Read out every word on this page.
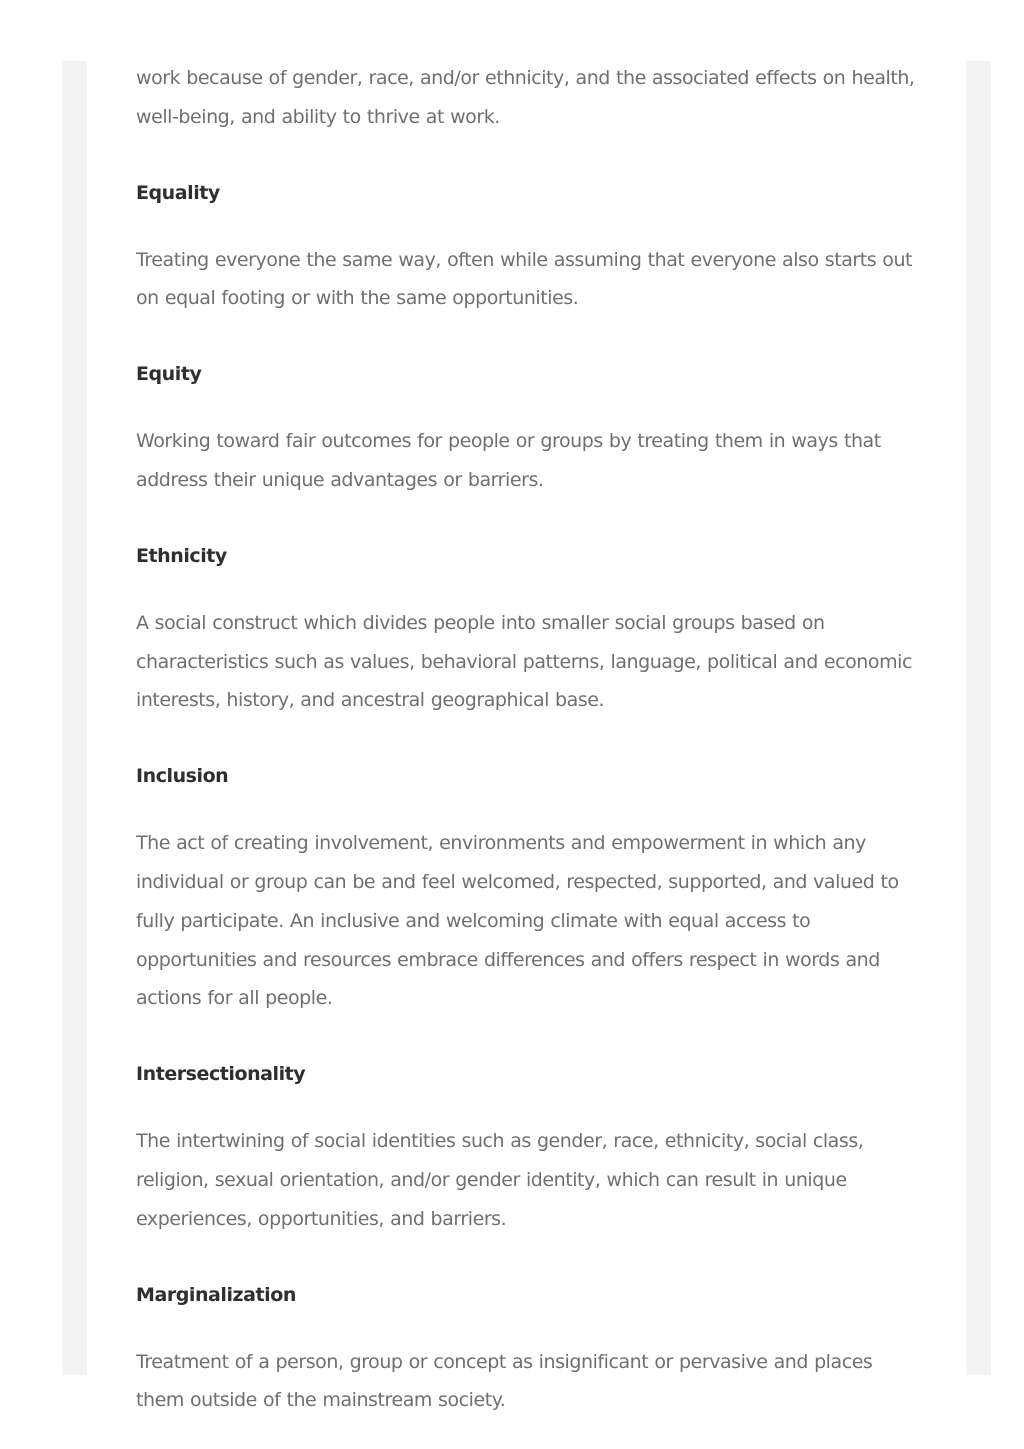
work because of gender, race, and/or ethnicity, and the associated effects on health, well-being, and ability to thrive at work.

Equality

Treating everyone the same way, often while assuming that everyone also starts out on equal footing or with the same opportunities.

Equity

Working toward fair outcomes for people or groups by treating them in ways that address their unique advantages or barriers.

Ethnicity

A social construct which divides people into smaller social groups based on characteristics such as values, behavioral patterns, language, political and economic interests, history, and ancestral geographical base.

Inclusion

The act of creating involvement, environments and empowerment in which any individual or group can be and feel welcomed, respected, supported, and valued to fully participate. An inclusive and welcoming climate with equal access to opportunities and resources embrace differences and offers respect in words and actions for all people.

Intersectionality

The intertwining of social identities such as gender, race, ethnicity, social class, religion, sexual orientation, and/or gender identity, which can result in unique experiences, opportunities, and barriers.

Marginalization

Treatment of a person, group or concept as insignificant or pervasive and places them outside of the mainstream society.
